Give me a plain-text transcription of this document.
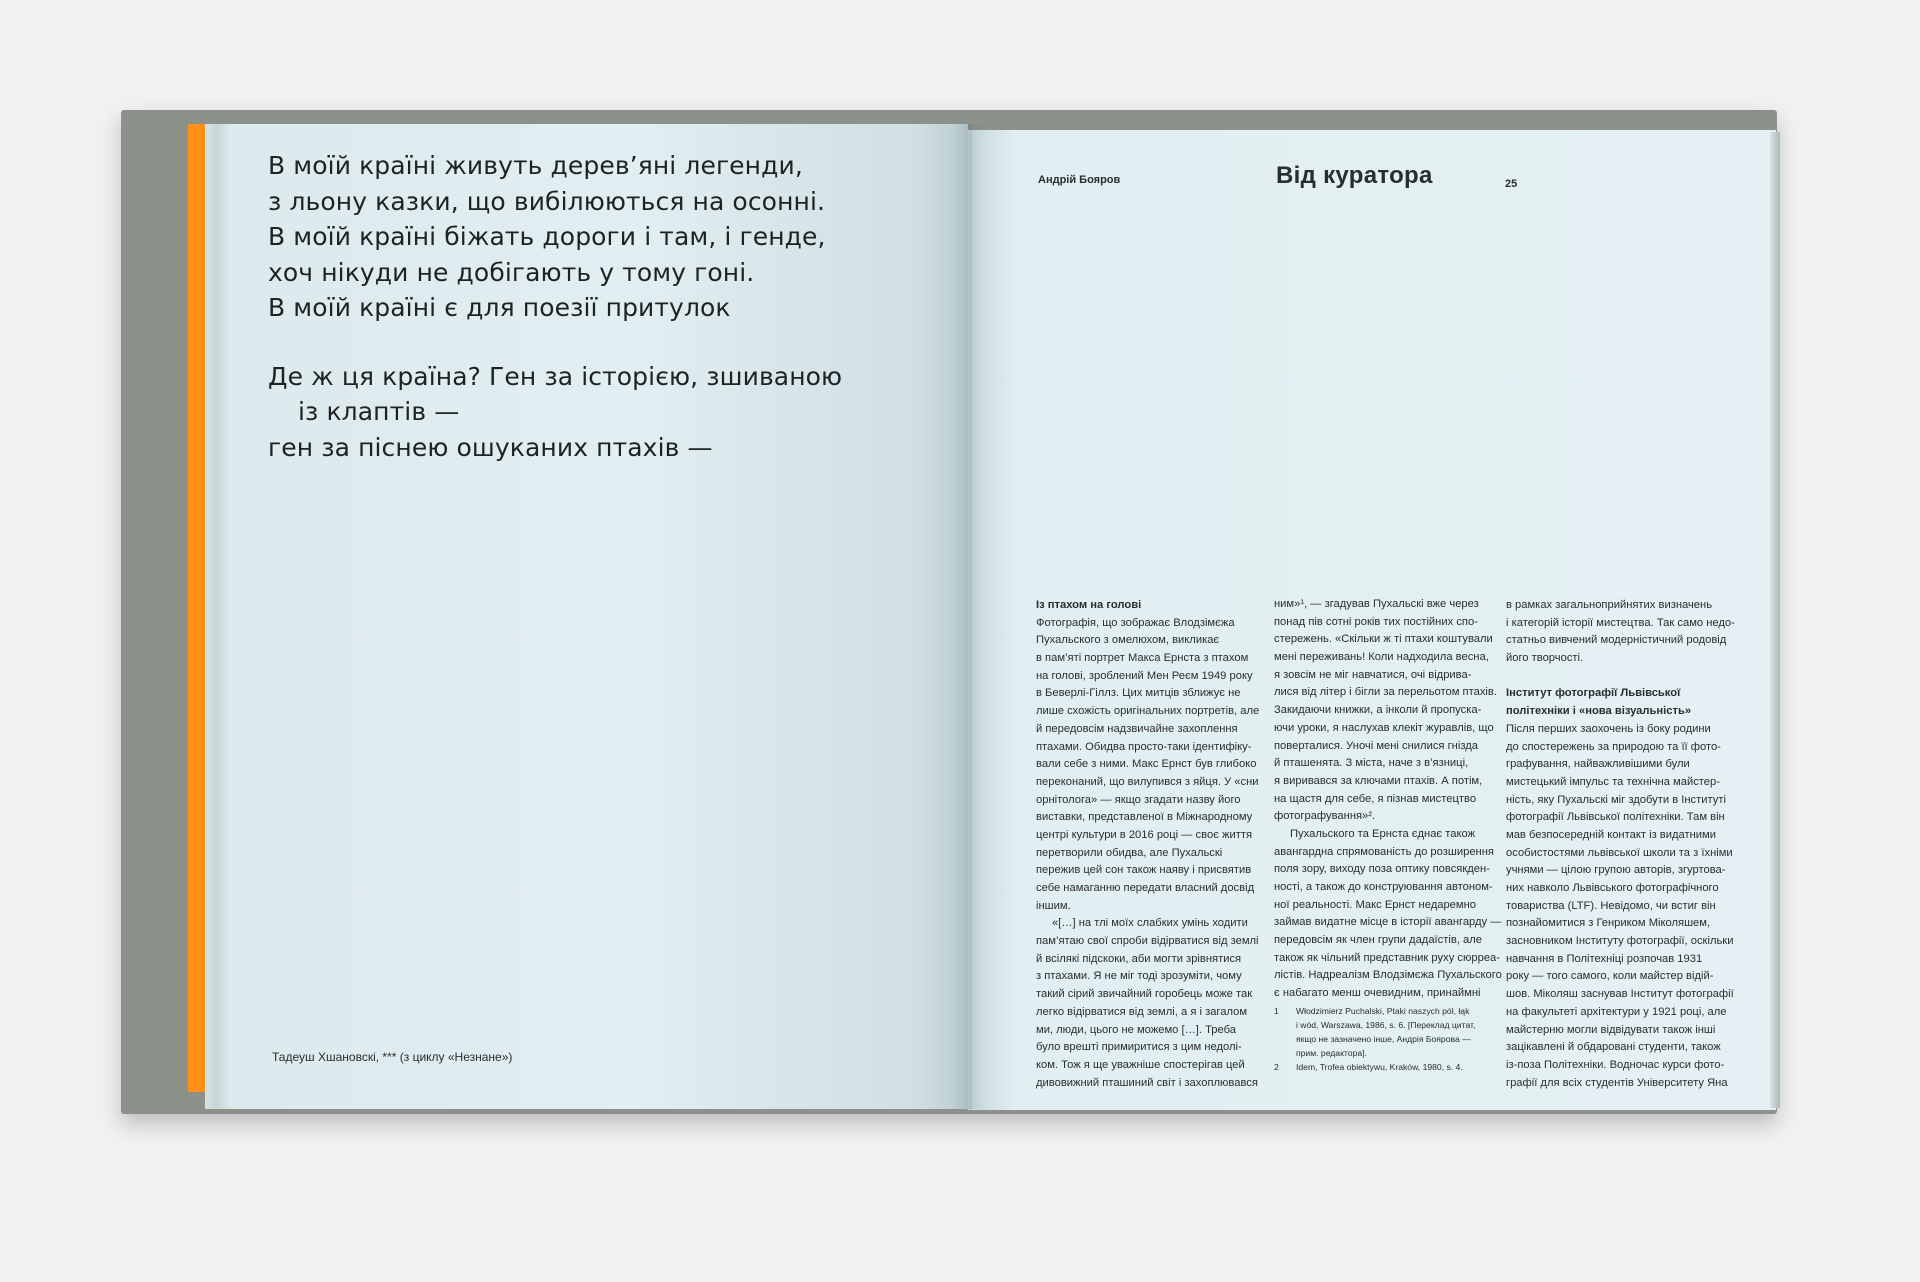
В моїй країні живуть дерев’яні легенди,
з льону казки, що вибілюються на осонні.
В моїй країні біжать дороги і там, і генде,
хоч нікуди не добігають у тому гоні.
В моїй країні є для поезії притулок
Де ж ця країна? Ген за історією, зшиваною
із клаптів —
ген за піснею ошуканих птахів —
Тадеуш Хшановскі, *** (з циклу «Незнане»)
Андрій Бояров	Від куратора	25
Із птахом на голові
Фотографія, що зображає Влодзімєжа
Пухальского з омелюхом, викликає
в пам’яті портрет Макса Ернста з птахом
на голові, зроблений Мен Реєм 1949 року
в Беверлі-Гіллз. Цих митців зближує не
лише схожість оригінальних портретів, але
й передовсім надзвичайне захоплення
птахами. Обидва просто-таки ідентифіку-
вали себе з ними. Макс Ернст був глибоко
переконаний, що вилупився з яйця. У «сни
орнітолога» — якщо згадати назву його
виставки, представленої в Міжнародному
центрі культури в 2016 році — своє життя
перетворили обидва, але Пухальскі
пережив цей сон також наяву і присвятив
себе намаганню передати власний досвід
іншим.
«[…] на тлі моїх слабких умінь ходити
пам’ятаю свої спроби відірватися від землі
й всілякі підскоки, аби могти зрівнятися
з птахами. Я не міг тоді зрозуміти, чому
такий сірий звичайний горобець може так
легко відірватися від землі, а я і загалом
ми, люди, цього не можемо […]. Треба
було врешті примиритися з цим недолі-
ком. Тож я ще уважніше спостерігав цей
дивовижний пташиний світ і захоплювався
ним»¹, — згадував Пухальскі вже через
понад пів сотні років тих постійних спо-
стережень. «Скільки ж ті птахи коштували
мені переживань! Коли надходила весна,
я зовсім не міг навчатися, очі відрива-
лися від літер і бігли за перельотом птахів.
Закидаючи книжки, а інколи й пропуска-
ючи уроки, я наслухав клекіт журавлів, що
поверталися. Уночі мені снилися гнізда
й пташенята. З міста, наче з в’язниці,
я виривався за ключами птахів. А потім,
на щастя для себе, я пізнав мистецтво
фотографування»².
Пухальского та Ернста єднає також
авангардна спрямованість до розширення
поля зору, виходу поза оптику повсякден-
ності, а також до конструювання автоном-
ної реальності. Макс Ернст недаремно
займав видатне місце в історії авангарду —
передовсім як член групи дадаїстів, але
також як чільний представник руху сюрреа-
лістів. Надреалізм Влодзімєжа Пухальского
є набагато менш очевидним, принаймні
в рамках загальноприйнятих визначень
і категорій історії мистецтва. Так само недо-
статньо вивчений модерністичний родовід
його творчості.
Інститут фотографії Львівської
політехніки і «нова візуальність»
Після перших заохочень із боку родини
до спостережень за природою та її фото-
графування, найважливішими були
мистецький імпульс та технічна майстер-
ність, яку Пухальскі міг здобути в Інституті
фотографії Львівської політехніки. Там він
мав безпосередній контакт із видатними
особистостями львівської школи та з їхніми
учнями — цілою групою авторів, згуртова-
них навколо Львівського фотографічного
товариства (LTF). Невідомо, чи встиг він
познайомитися з Генриком Міколяшем,
засновником Інституту фотографії, оскільки
навчання в Політехніці розпочав 1931
року — того самого, коли майстер відій-
шов. Міколяш заснував Інститут фотографії
на факультеті архітектури у 1921 році, але
майстерню могли відвідувати також інші
зацікавлені й обдаровані студенти, також
із-поза Політехніки. Водночас курси фото-
графії для всіх студентів Університету Яна
1	Włodzimierz Puchalski, Ptaki naszych pól, łąk
i wód, Warszawa, 1986, s. 6. [Переклад цитат,
якщо не зазначено інше, Андрія Боярова —
прим. редактора].
2	Idem, Trofea obiektywu, Kraków, 1980, s. 4.
